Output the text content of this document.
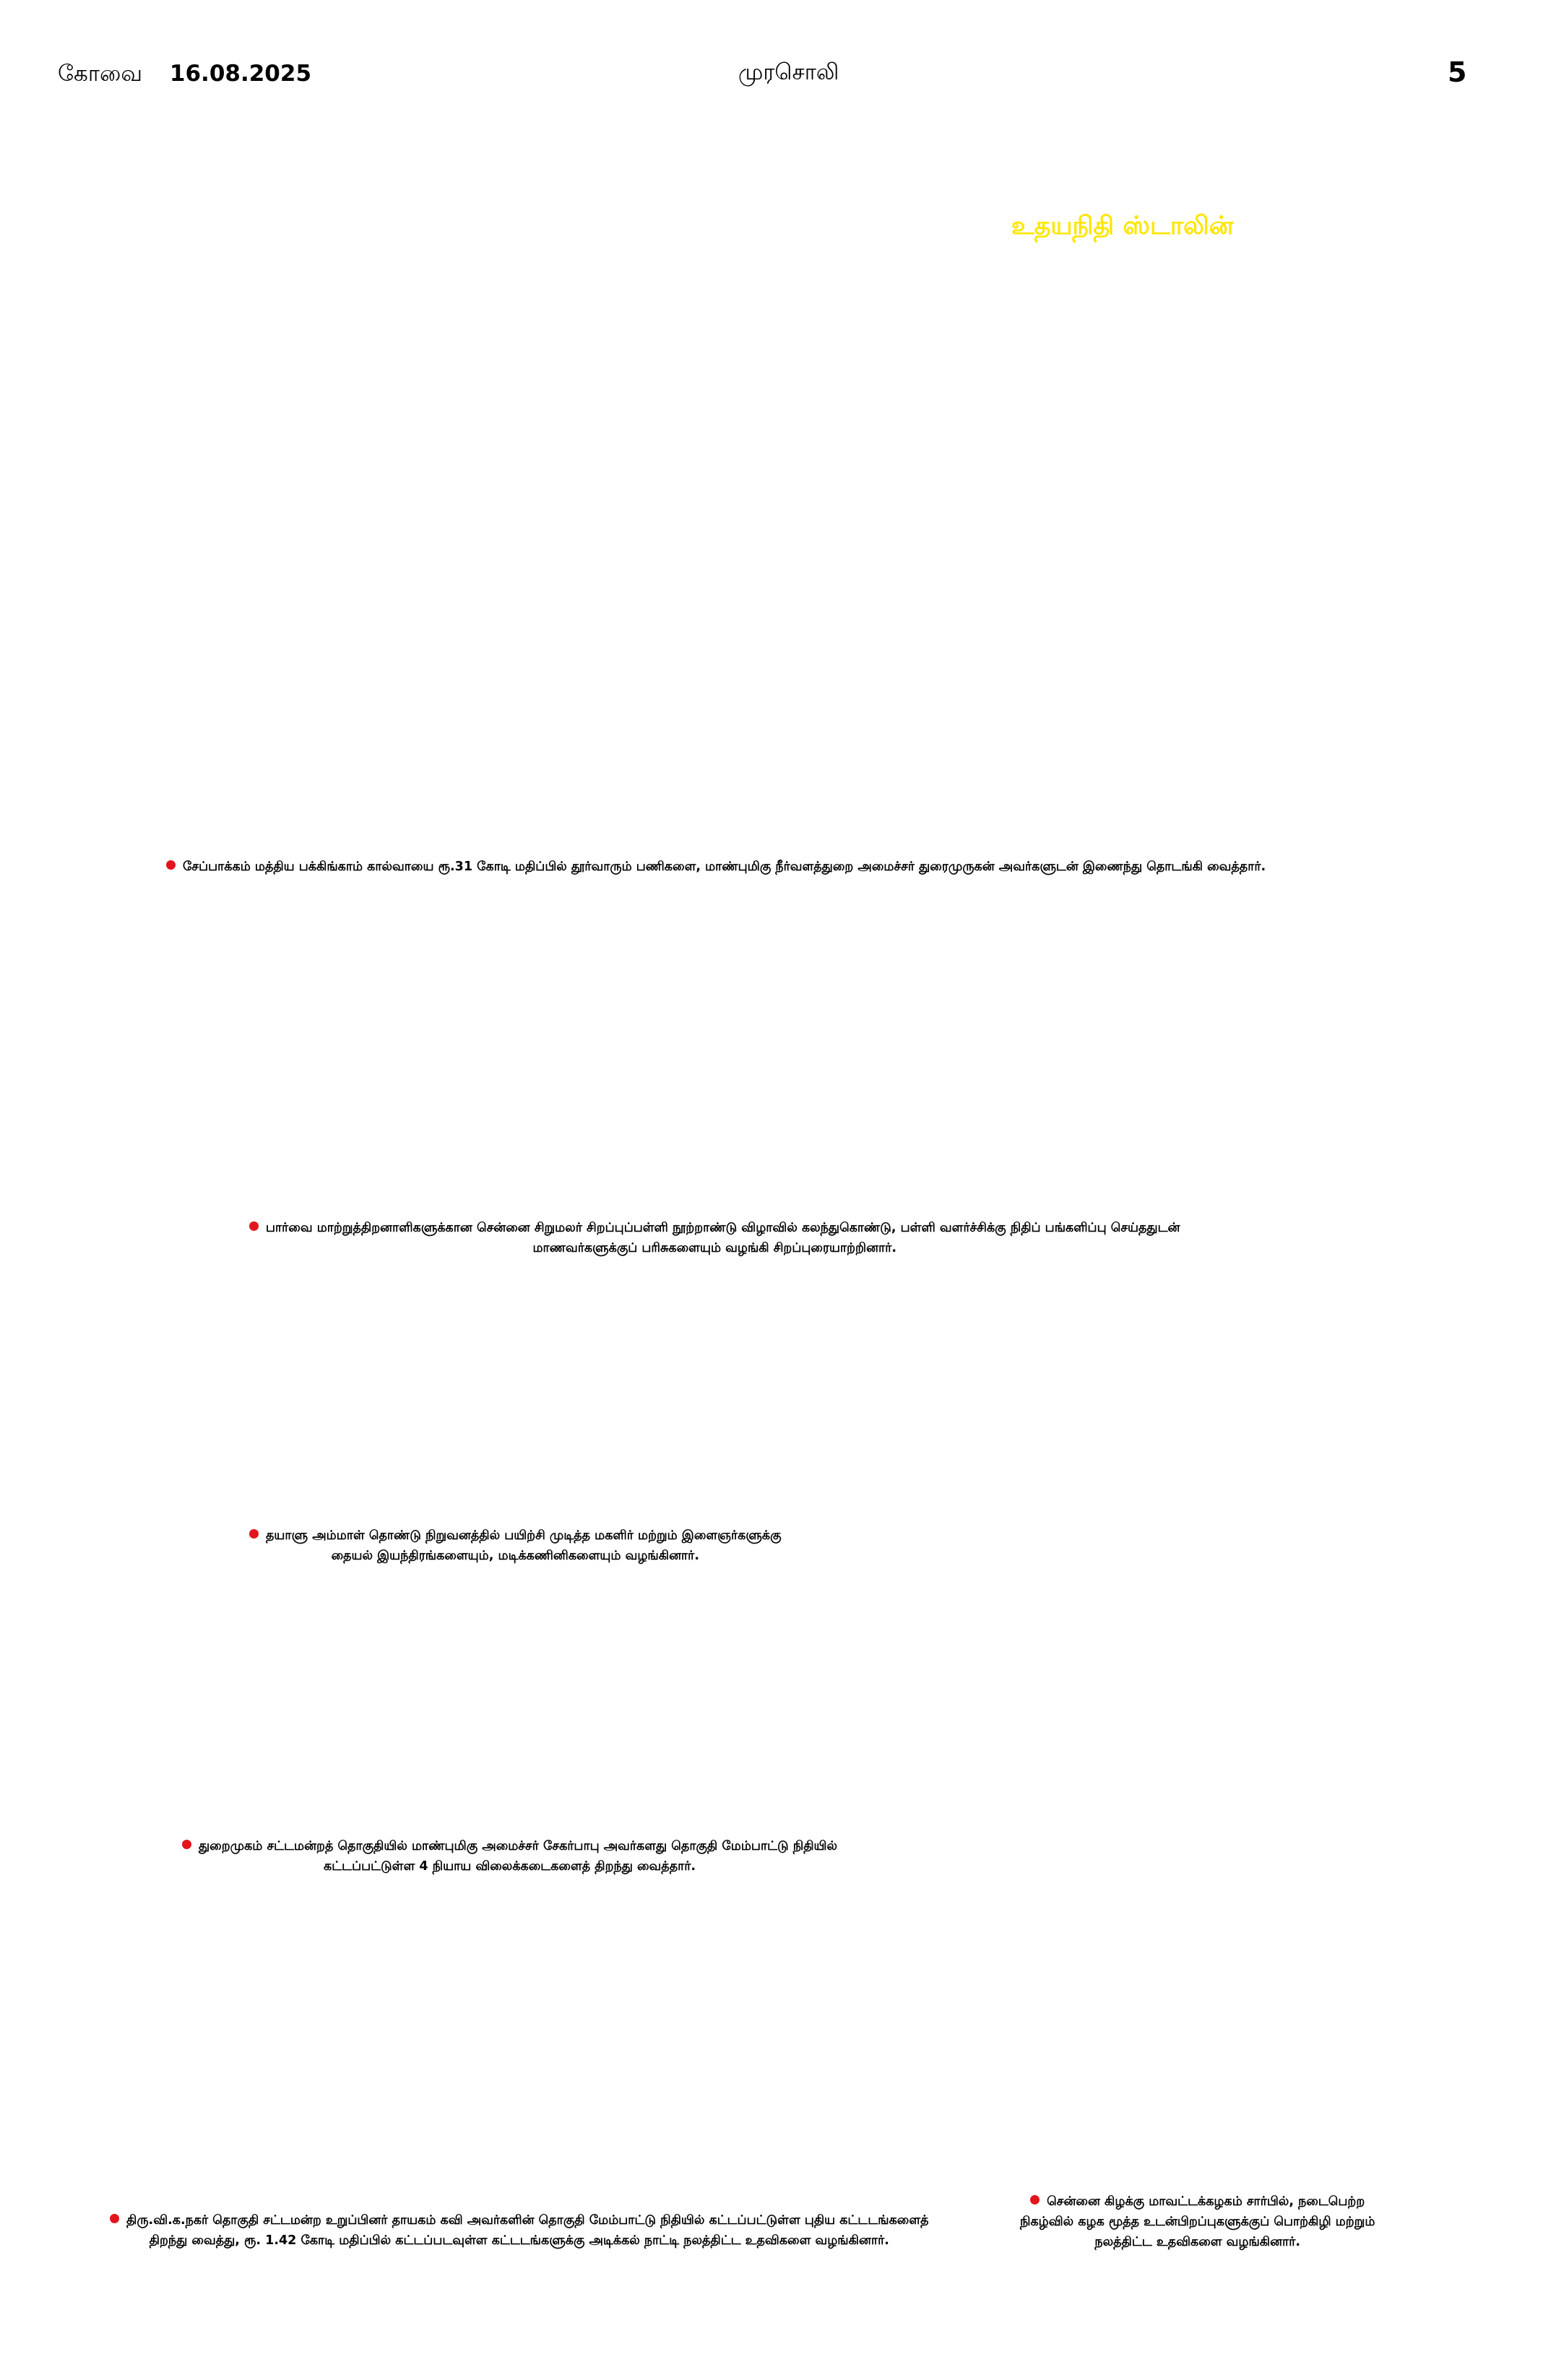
கோவை 16.08.2025	முரசொலி	5
உதயநிதி ஸ்டாலின்
சேப்பாக்கம் மத்திய பக்கிங்காம் கால்வாயை ரூ.31 கோடி மதிப்பில் தூர்வாரும் பணிகளை, மாண்புமிகு நீர்வளத்துறை அமைச்சர் துரைமுருகன் அவர்களுடன் இணைந்து தொடங்கி வைத்தார்.
பார்வை மாற்றுத்திறனாளிகளுக்கான சென்னை சிறுமலர் சிறப்புப்பள்ளி நூற்றாண்டு விழாவில் கலந்துகொண்டு, பள்ளி வளர்ச்சிக்கு நிதிப் பங்களிப்பு செய்ததுடன்
மாணவர்களுக்குப் பரிசுகளையும் வழங்கி சிறப்புரையாற்றினார்.
தயாளு அம்மாள் தொண்டு நிறுவனத்தில் பயிற்சி முடித்த மகளிர் மற்றும் இளைஞர்களுக்கு
தையல் இயந்திரங்களையும், மடிக்கணினிகளையும் வழங்கினார்.
துறைமுகம் சட்டமன்றத் தொகுதியில் மாண்புமிகு அமைச்சர் சேகர்பாபு அவர்களது தொகுதி மேம்பாட்டு நிதியில்
கட்டப்பட்டுள்ள 4 நியாய விலைக்கடைகளைத் திறந்து வைத்தார்.
திரு.வி.க.நகர் தொகுதி சட்டமன்ற உறுப்பினர் தாயகம் கவி அவர்களின் தொகுதி மேம்பாட்டு நிதியில் கட்டப்பட்டுள்ள புதிய கட்டடங்களைத்
திறந்து வைத்து, ரூ. 1.42 கோடி மதிப்பில் கட்டப்படவுள்ள கட்டடங்களுக்கு அடிக்கல் நாட்டி நலத்திட்ட உதவிகளை வழங்கினார்.
சென்னை கிழக்கு மாவட்டக்கழகம் சார்பில், நடைபெற்ற
நிகழ்வில் கழக மூத்த உடன்பிறப்புகளுக்குப் பொற்கிழி மற்றும்
நலத்திட்ட உதவிகளை வழங்கினார்.
